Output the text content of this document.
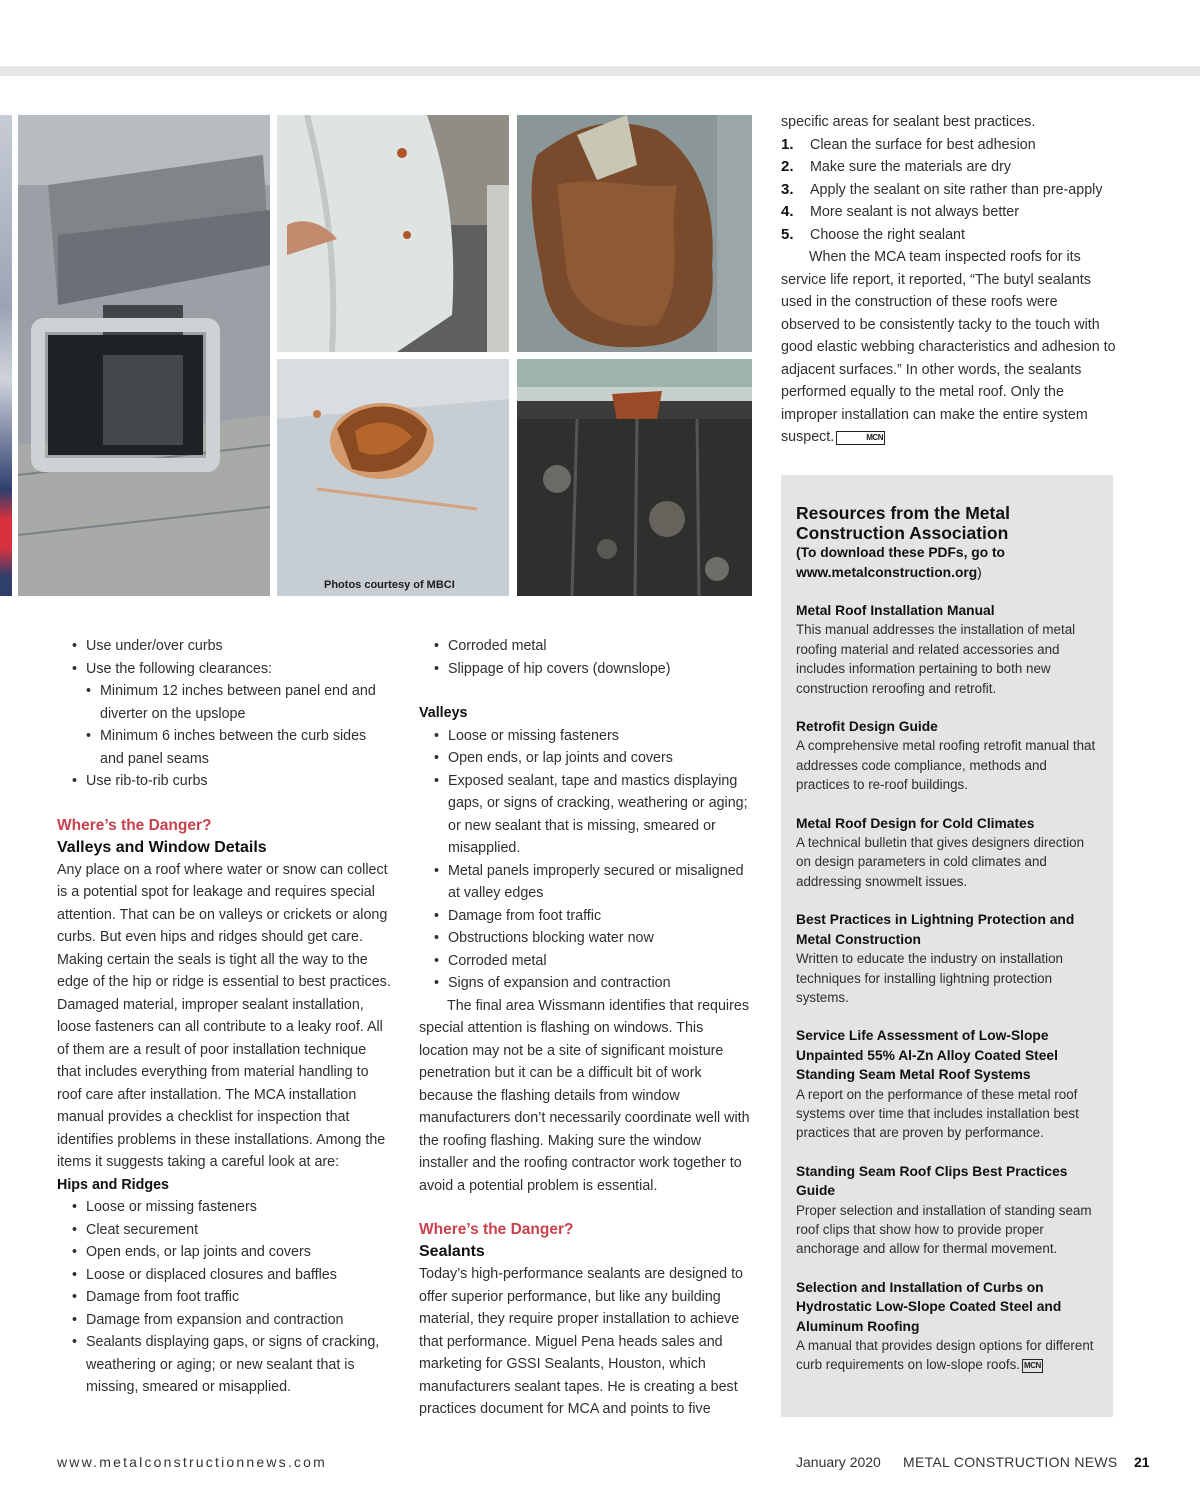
Photos courtesy of MBCI
• Use under/over curbs
• Use the following clearances:
• Minimum 12 inches between panel end and diverter on the upslope
• Minimum 6 inches between the curb sides and panel seams
• Use rib-to-rib curbs
Where’s the Danger?
Valleys and Window Details

Any place on a roof where water or snow can collect is a potential spot for leakage and requires special attention. That can be on valleys or crickets or along curbs. But even hips and ridges should get care. Making certain the seals is tight all the way to the edge of the hip or ridge is essential to best practices. Damaged material, improper sealant installation, loose fasteners can all contribute to a leaky roof. All of them are a result of poor installation technique that includes everything from material handling to roof care after installation. The MCA installation manual provides a checklist for inspection that identifies problems in these installations. Among the items it suggests taking a careful look at are:

Hips and Ridges
• Loose or missing fasteners
• Cleat securement
• Open ends, or lap joints and covers
• Loose or displaced closures and baffles
• Damage from foot traffic
• Damage from expansion and contraction
• Sealants displaying gaps, or signs of cracking, weathering or aging; or new sealant that is missing, smeared or misapplied.
• Corroded metal
• Slippage of hip covers (downslope)
Valleys
• Loose or missing fasteners
• Open ends, or lap joints and covers
• Exposed sealant, tape and mastics displaying gaps, or signs of cracking, weathering or aging; or new sealant that is missing, smeared or misapplied.
• Metal panels improperly secured or misaligned at valley edges
• Damage from foot traffic
• Obstructions blocking water now
• Corroded metal
• Signs of expansion and contraction

The final area Wissmann identifies that requires special attention is flashing on windows. This location may not be a site of significant moisture penetration but it can be a difficult bit of work because the flashing details from window manufacturers don’t necessarily coordinate well with the roofing flashing. Making sure the window installer and the roofing contractor work together to avoid a potential problem is essential.

Where’s the Danger?
Sealants

Today’s high-performance sealants are designed to offer superior performance, but like any building material, they require proper installation to achieve that performance. Miguel Pena heads sales and marketing for GSSI Sealants, Houston, which manufacturers sealant tapes. He is creating a best practices document for MCA and points to five

specific areas for sealant best practices.

1. Clean the surface for best adhesion
2. Make sure the materials are dry
3. Apply the sealant on site rather than pre-apply
4. More sealant is not always better
5. Choose the right sealant

When the MCA team inspected roofs for its service life report, it reported, “The butyl sealants used in the construction of these roofs were observed to be consistently tacky to the touch with good elastic webbing characteristics and adhesion to adjacent surfaces.” In other words, the sealants performed equally to the metal roof. Only the improper installation can make the entire system suspect.	MCN

Resources from the Metal Construction Association
(To download these PDFs, go to www.metalconstruction.org)
Metal Roof Installation Manual
This manual addresses the installation of metal roofing material and related accessories and includes information pertaining to both new construction reroofing and retrofit.
Retrofit Design Guide
A comprehensive metal roofing retrofit manual that addresses code compliance, methods and practices to re-roof buildings.
Metal Roof Design for Cold Climates
A technical bulletin that gives designers direction on design parameters in cold climates and addressing snowmelt issues.
Best Practices in Lightning Protection and Metal Construction
Written to educate the industry on installation techniques for installing lightning protection systems.
Service Life Assessment of Low-Slope Unpainted 55% Al-Zn Alloy Coated Steel Standing Seam Metal Roof Systems
A report on the performance of these metal roof systems over time that includes installation best practices that are proven by performance.
Standing Seam Roof Clips Best Practices Guide
Proper selection and installation of standing seam roof clips that show how to provide proper anchorage and allow for thermal movement.
Selection and Installation of Curbs on Hydrostatic Low-Slope Coated Steel and Aluminum Roofing
A manual that provides design options for different curb requirements on low-slope roofs. MCN
www.metalconstructionnews.com	January 2020 METAL CONSTRUCTION NEWS 21
